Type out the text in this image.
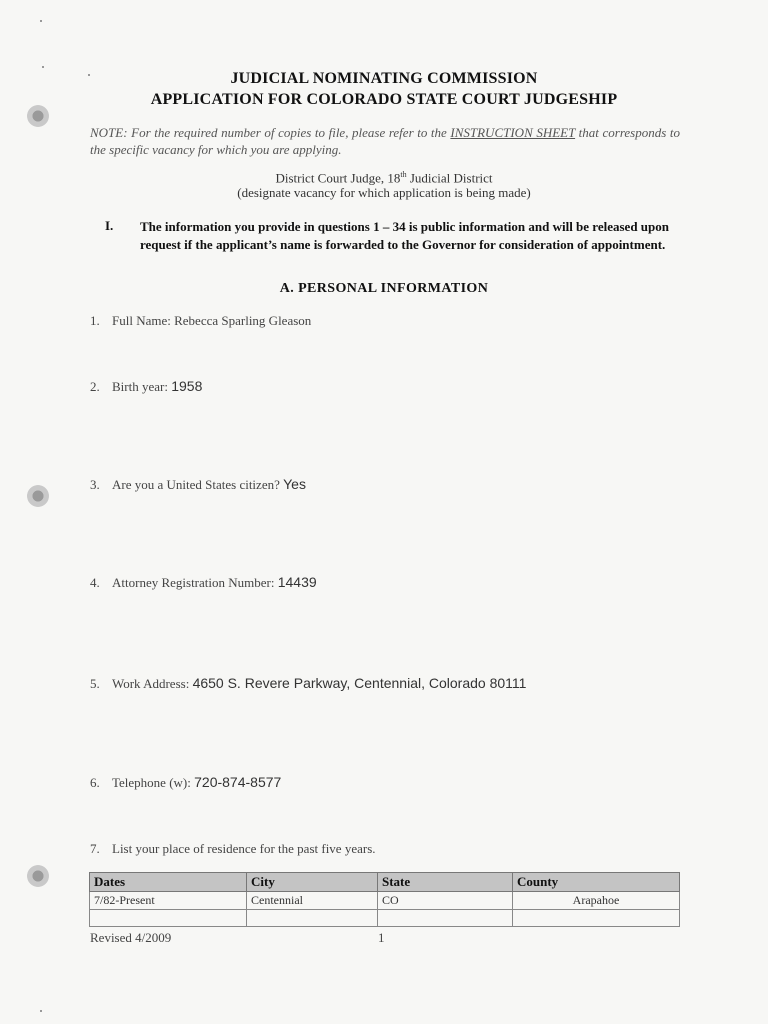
JUDICIAL NOMINATING COMMISSION
APPLICATION FOR COLORADO STATE COURT JUDGESHIP
NOTE: For the required number of copies to file, please refer to the INSTRUCTION SHEET that corresponds to the specific vacancy for which you are applying.
District Court Judge, 18th Judicial District
(designate vacancy for which application is being made)
I. The information you provide in questions 1 – 34 is public information and will be released upon request if the applicant’s name is forwarded to the Governor for consideration of appointment.
A. PERSONAL INFORMATION
1. Full Name: Rebecca Sparling Gleason
2. Birth year: 1958
3. Are you a United States citizen? Yes
4. Attorney Registration Number: 14439
5. Work Address: 4650 S. Revere Parkway, Centennial, Colorado 80111
6. Telephone (w): 720-874-8577
7. List your place of residence for the past five years.
Dates	City	State	County
7/82-Present	Centennial	CO	Arapahoe

Revised 4/2009	1
